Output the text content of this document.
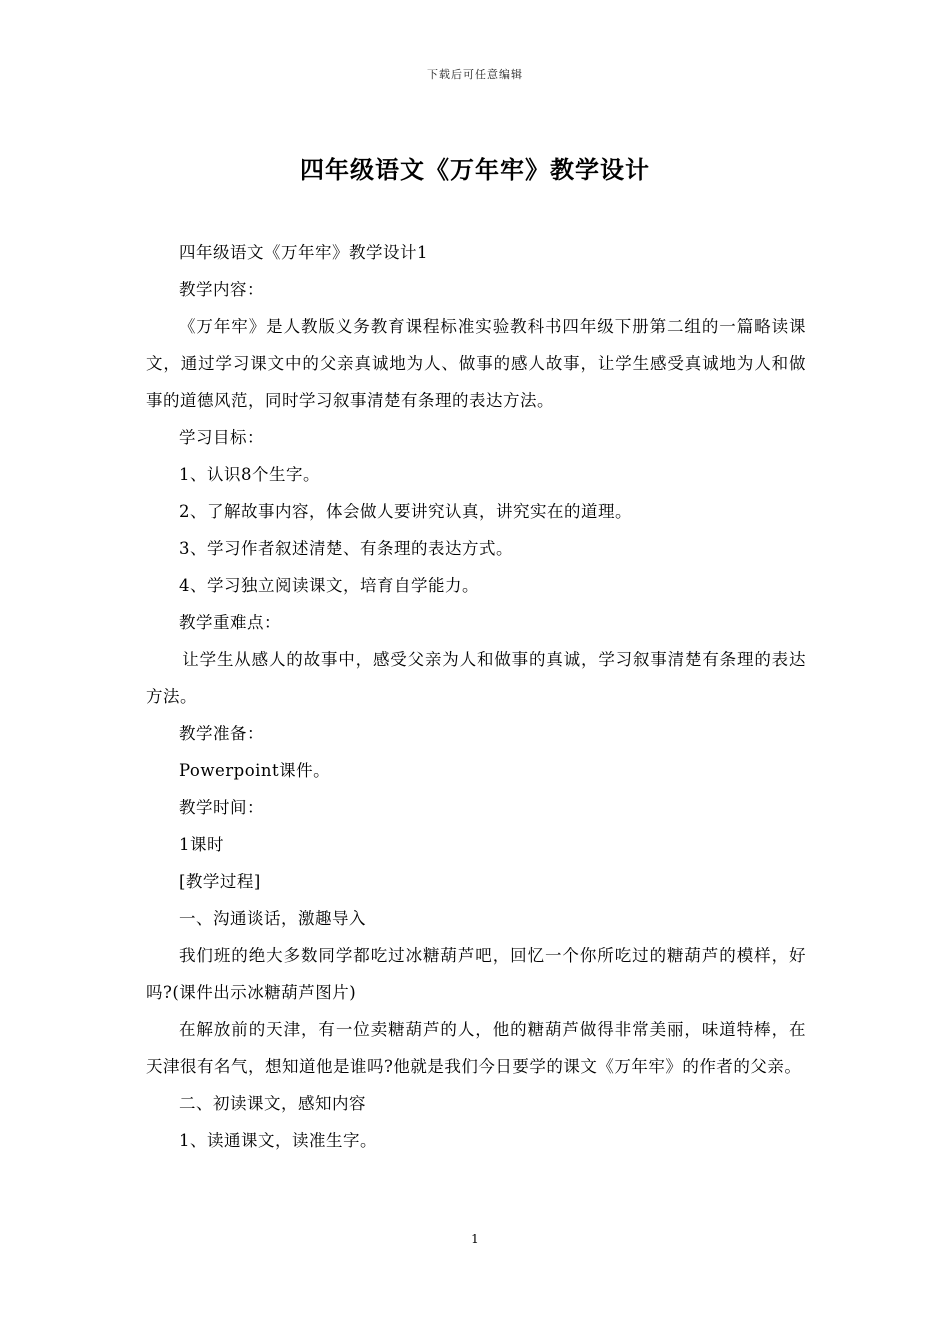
下载后可任意编辑
四年级语文《万年牢》教学设计

四年级语文《万年牢》教学设计1

教学内容：

《万年牢》是人教版义务教育课程标准实验教科书四年级下册第二组的一篇略读课文，通过学习课文中的父亲真诚地为人、做事的感人故事，让学生感受真诚地为人和做事的道德风范，同时学习叙事清楚有条理的表达方法。

学习目标：

1、认识8个生字。

2、了解故事内容，体会做人要讲究认真，讲究实在的道理。

3、学习作者叙述清楚、有条理的表达方式。

4、学习独立阅读课文，培育自学能力。

教学重难点：

让学生从感人的故事中，感受父亲为人和做事的真诚，学习叙事清楚有条理的表达方法。

教学准备：

Powerpoint课件。

教学时间：

1课时

[教学过程]

一、沟通谈话，激趣导入

我们班的绝大多数同学都吃过冰糖葫芦吧，回忆一个你所吃过的糖葫芦的模样，好吗?(课件出示冰糖葫芦图片)

在解放前的天津，有一位卖糖葫芦的人，他的糖葫芦做得非常美丽，味道特棒，在天津很有名气，想知道他是谁吗?他就是我们今日要学的课文《万年牢》的作者的父亲。

二、初读课文，感知内容

1、读通课文，读准生字。

1
